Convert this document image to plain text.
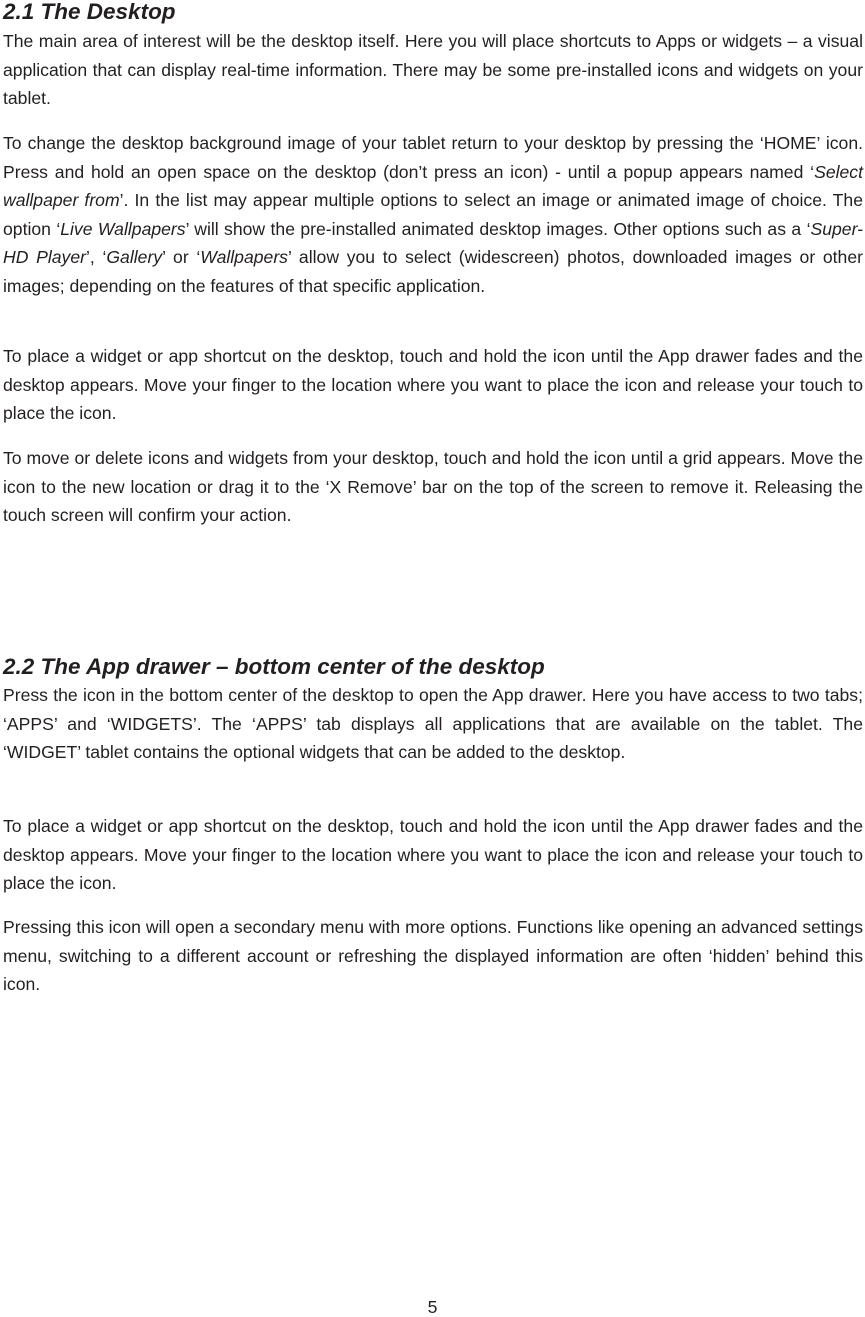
2.1 The Desktop

The main area of interest will be the desktop itself. Here you will place shortcuts to Apps or widgets – a visual application that can display real-time information. There may be some pre-installed icons and widgets on your tablet.

To change the desktop background image of your tablet return to your desktop by pressing the ‘HOME’ icon. Press and hold an open space on the desktop (don’t press an icon) - until a popup appears named ‘Select wallpaper from’. In the list may appear multiple options to select an image or animated image of choice. The option ‘Live Wallpapers’ will show the pre-installed animated desktop images. Other options such as a ‘Super-HD Player’, ‘Gallery’ or ‘Wallpapers’ allow you to select (widescreen) photos, downloaded images or other images; depending on the features of that specific application.

To place a widget or app shortcut on the desktop, touch and hold the icon until the App drawer fades and the desktop appears. Move your finger to the location where you want to place the icon and release your touch to place the icon.

To move or delete icons and widgets from your desktop, touch and hold the icon until a grid appears. Move the icon to the new location or drag it to the ‘X Remove’ bar on the top of the screen to remove it. Releasing the touch screen will confirm your action.

2.2 The App drawer – bottom center of the desktop

Press the icon in the bottom center of the desktop to open the App drawer. Here you have access to two tabs; ‘APPS’ and ‘WIDGETS’. The ‘APPS’ tab displays all applications that are available on the tablet. The ‘WIDGET’ tablet contains the optional widgets that can be added to the desktop.

To place a widget or app shortcut on the desktop, touch and hold the icon until the App drawer fades and the desktop appears. Move your finger to the location where you want to place the icon and release your touch to place the icon.

Pressing this icon will open a secondary menu with more options. Functions like opening an advanced settings menu, switching to a different account or refreshing the displayed information are often ‘hidden’ behind this icon.

5
